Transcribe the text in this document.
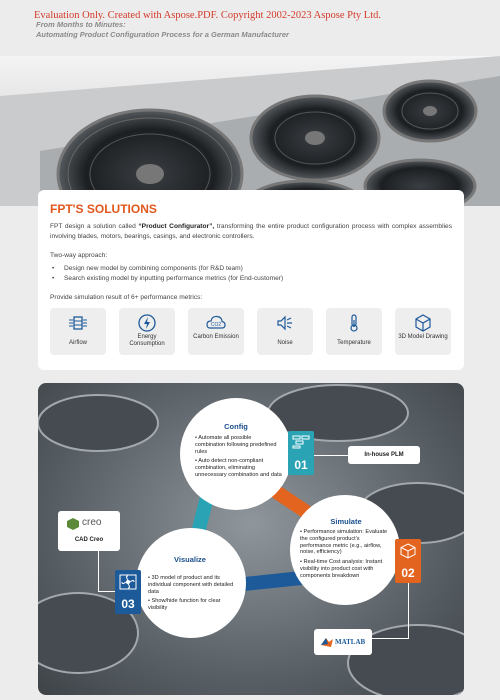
Evaluation Only. Created with Aspose.PDF. Copyright 2002-2023 Aspose Pty Ltd.
From Months to Minutes:
Automating Product Configuration Process for a German Manufacturer
FPT'S SOLUTIONS
FPT design a solution called “Product Configurator”, transforming the entire product configuration process with complex assemblies involving blades, motors, bearings, casings, and electronic controllers.
Two-way approach:
• Design new model by combining components (for R&D team)
• Search existing model by inputting performance metrics (for End-customer)
Provide simulation result of 6+ performance metrics:
Airflow
Energy Consumption
CO2
Carbon Emission
Noise	Temperature
3D Model Drawing
Config

• Automate all possible combination following predefined rules

• Auto detect non-compliant combination, eliminating unnecessary combination and data

01
In-house PLM
Simulate

• Performance simulation: Evaluate the configured product’s performance metric (e.g., airflow, noise, efficiency)

• Real-time Cost analysis: Instant visibility into product cost with components breakdown	02
MATLAB
Visualize

• 3D model of product and its individual component with detailed data

• Show/hide function for clear visibility

03
creo
CAD Creo
